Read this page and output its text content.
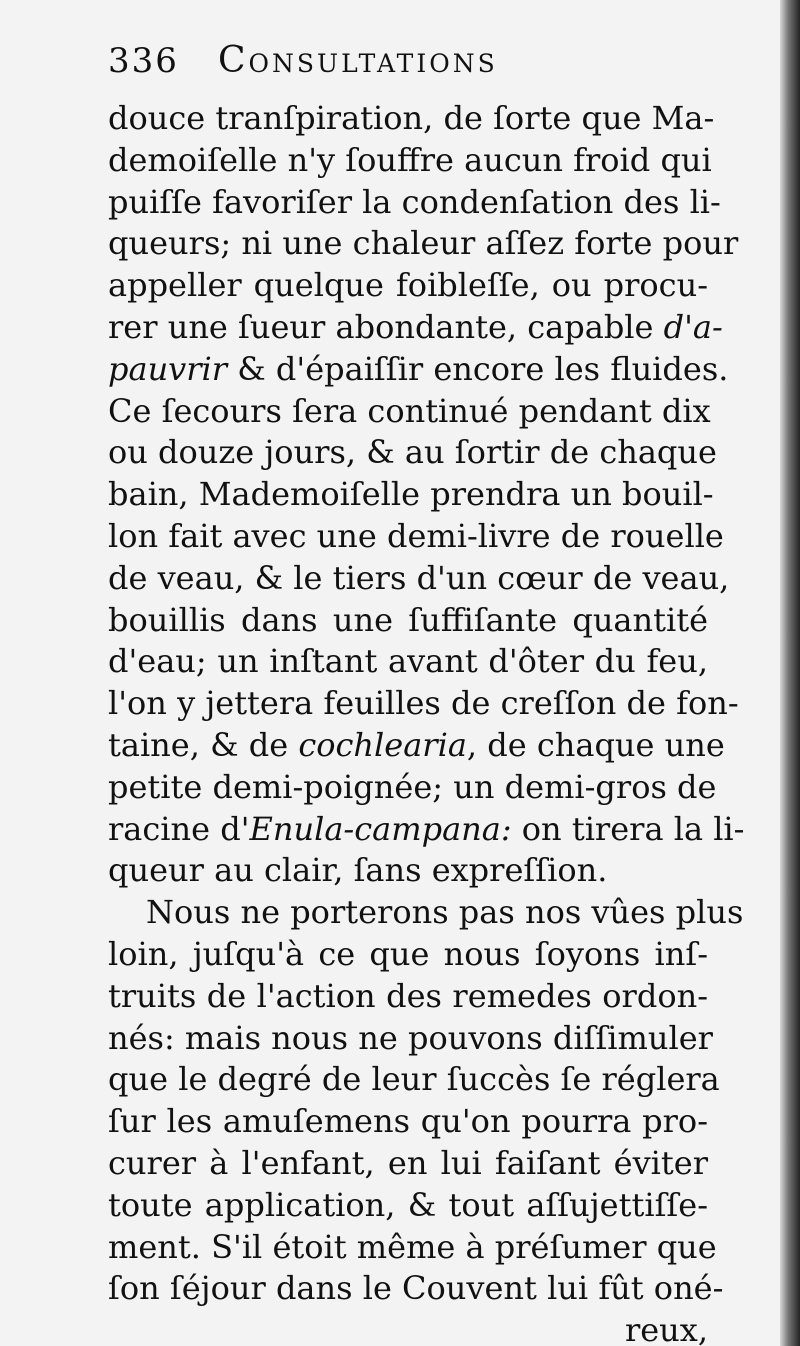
336	Consultations
douce tranſpiration, de ſorte que Ma-
demoiſelle n'y ſouffre aucun froid qui
puiſſe favoriſer la condenſation des li-
queurs; ni une chaleur aſſez forte pour
appeller quelque foibleſſe, ou procu-
rer une ſueur abondante, capable d'a-
pauvrir & d'épaiſſir encore les fluides.
Ce ſecours ſera continué pendant dix
ou douze jours, & au ſortir de chaque
bain, Mademoiſelle prendra un bouil-
lon fait avec une demi-livre de rouelle
de veau, & le tiers d'un cœur de veau,
bouillis dans une ſuffiſante quantité
d'eau; un inſtant avant d'ôter du feu,
l'on y jettera feuilles de creſſon de fon-
taine, & de cochlearia, de chaque une
petite demi-poignée; un demi-gros de
racine d'Enula-campana: on tirera la li-
queur au clair, ſans expreſſion.
Nous ne porterons pas nos vûes plus
loin, juſqu'à ce que nous ſoyons inſ-
truits de l'action des remedes ordon-
nés: mais nous ne pouvons diſſimuler
que le degré de leur ſuccès ſe réglera
ſur les amuſemens qu'on pourra pro-
curer à l'enfant, en lui faiſant éviter
toute application, & tout aſſujettiſſe-
ment. S'il étoit même à préſumer que
ſon ſéjour dans le Couvent lui fût oné-
reux,
